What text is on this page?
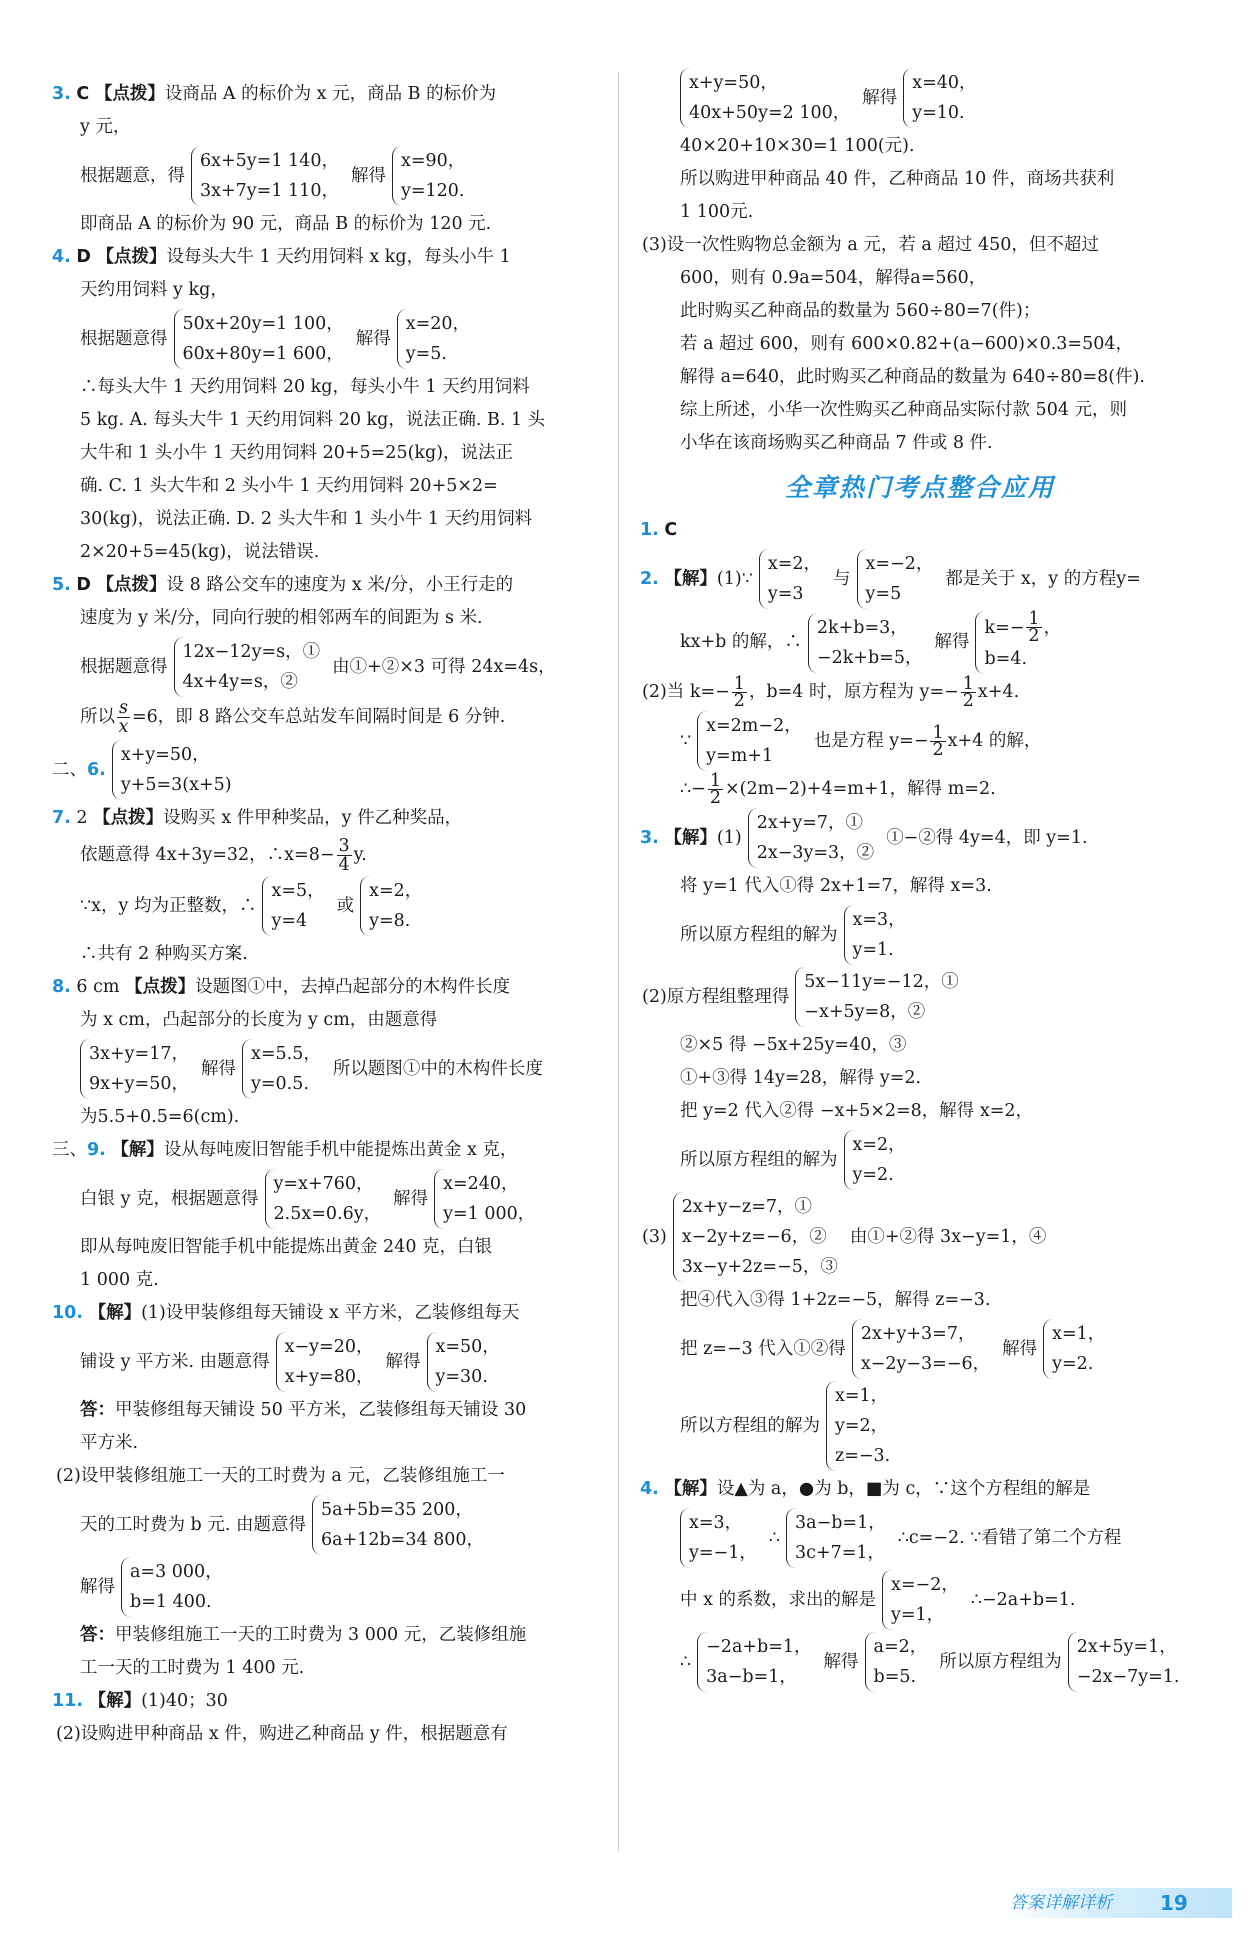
3. C 【点拨】设商品 A 的标价为 x 元，商品 B 的标价为

y 元，

根据题意，得
6x+5y=1 140，
3x+7y=1 110，
解得
x=90，
y=120.

即商品 A 的标价为 90 元，商品 B 的标价为 120 元.

4. D 【点拨】设每头大牛 1 天约用饲料 x kg，每头小牛 1

天约用饲料 y kg，

根据题意得
50x+20y=1 100，
60x+80y=1 600，
解得
x=20，
y=5.

∴每头大牛 1 天约用饲料 20 kg，每头小牛 1 天约用饲料

5 kg. A. 每头大牛 1 天约用饲料 20 kg，说法正确. B. 1 头

大牛和 1 头小牛 1 天约用饲料 20+5=25(kg)，说法正

确. C. 1 头大牛和 2 头小牛 1 天约用饲料 20+5×2=

30(kg)，说法正确. D. 2 头大牛和 1 头小牛 1 天约用饲料

2×20+5=45(kg)，说法错误.

5. D 【点拨】设 8 路公交车的速度为 x 米/分，小王行走的

速度为 y 米/分，同向行驶的相邻两车的间距为 s 米.

根据题意得
12x−12y=s，①
4x+4y=s，②
由①+②×3 可得 24x=4s，
所以 $\frac{s}{x} =6$，即 8 路公交车总站发车间隔时间是 6 分钟.
二、 6.
x+y=50，
y+5=3(x+5)

7. 2 【点拨】设购买 x 件甲种奖品，y 件乙种奖品，

依题意得 4x+3y=32，∴x=8− $\frac{3}{4} y$.
∵x，y 均为正整数，∴
x=5，
y=4
或
x=2，
y=8.

∴共有 2 种购买方案.

8. 6 cm 【点拨】设题图①中，去掉凸起部分的木构件长度

为 x cm，凸起部分的长度为 y cm，由题意得

3x+y=17，
9x+y=50，
解得
x=5.5，
y=0.5.
所以题图①中的木构件长度

为5.5+0.5=6(cm).

三、9. 【解】设从每吨废旧智能手机中能提炼出黄金 x 克，

白银 y 克，根据题意得
y=x+760，
2.5x=0.6y，
解得
x=240，
y=1 000，

即从每吨废旧智能手机中能提炼出黄金 240 克，白银

1 000 克.

10. 【解】(1)设甲装修组每天铺设 x 平方米，乙装修组每天

铺设 y 平方米. 由题意得
x−y=20，
x+y=80，
解得
x=50，
y=30.

答：甲装修组每天铺设 50 平方米，乙装修组每天铺设 30

平方米.

(2)设甲装修组施工一天的工时费为 a 元，乙装修组施工一

天的工时费为 b 元. 由题意得
5a+5b=35 200，
6a+12b=34 800，
解得
a=3 000，
b=1 400.

答：甲装修组施工一天的工时费为 3 000 元，乙装修组施

工一天的工时费为 1 400 元.

11. 【解】(1)40；30

(2)设购进甲种商品 x 件，购进乙种商品 y 件，根据题意有

x+y=50，
40x+50y=2 100，
解得
x=40，
y=10.

40×20+10×30=1 100(元).

所以购进甲种商品 40 件，乙种商品 10 件，商场共获利

1 100元.

(3)设一次性购物总金额为 a 元，若 a 超过 450，但不超过

600，则有 0.9a=504，解得a=560，

此时购买乙种商品的数量为 560÷80=7(件)；

若 a 超过 600，则有 600×0.82+(a−600)×0.3=504，

解得 a=640，此时购买乙种商品的数量为 640÷80=8(件).

综上所述，小华一次性购买乙种商品实际付款 504 元，则

小华在该商场购买乙种商品 7 件或 8 件.

全章热门考点整合应用

1. C

2.
【解】 (1)∵
x=2，
y=3
与
x=−2，
y=5
都是关于 x，y 的方程y=
kx+b 的解，∴
2k+b=3，
−2k+b=5，
解得
$k=- \frac{1}{2}$ ，
b=4.
(2)当 $k=- \frac{1}{2}$ ，b=4 时，原方程为 $y=- \frac{1}{2} x+4$.
∵
x=2m−2，
y=m+1
也是方程 $y=- \frac{1}{2} x+4$ 的解，
∴− $\frac{1}{2} \times(2m-2)+4=m+1$，解得 m=2.
3.
【解】 (1)
2x+y=7，①
2x−3y=3，②
①−②得 4y=4，即 y=1.

将 y=1 代入①得 2x+1=7，解得 x=3.

所以原方程组的解为
x=3，
y=1.
(2)原方程组整理得
5x−11y=−12，①
−x+5y=8，②

②×5 得 −5x+25y=40，③

①+③得 14y=28，解得 y=2.

把 y=2 代入②得 −x+5×2=8，解得 x=2，

所以原方程组的解为
x=2，
y=2.
(3)
2x+y−z=7，①
x−2y+z=−6，②
3x−y+2z=−5，③
由①+②得 3x−y=1，④

把④代入③得 1+2z=−5，解得 z=−3.

把 z=−3 代入①②得
2x+y+3=7，
x−2y−3=−6，
解得
x=1，
y=2.
所以方程组的解为
x=1，
y=2，
z=−3.

4. 【解】设▲为 a，●为 b，■为 c，∵这个方程组的解是

x=3，
y=−1，
∴
3a−b=1，
3c+7=1，
∴c=−2. ∵看错了第二个方程
中 x 的系数，求出的解是
x=−2，
y=1，
∴−2a+b=1.
∴
−2a+b=1，
3a−b=1，
解得
a=2，
b=5.
所以原方程组为
2x+5y=1，
−2x−7y=1.
答案详解详析 19
